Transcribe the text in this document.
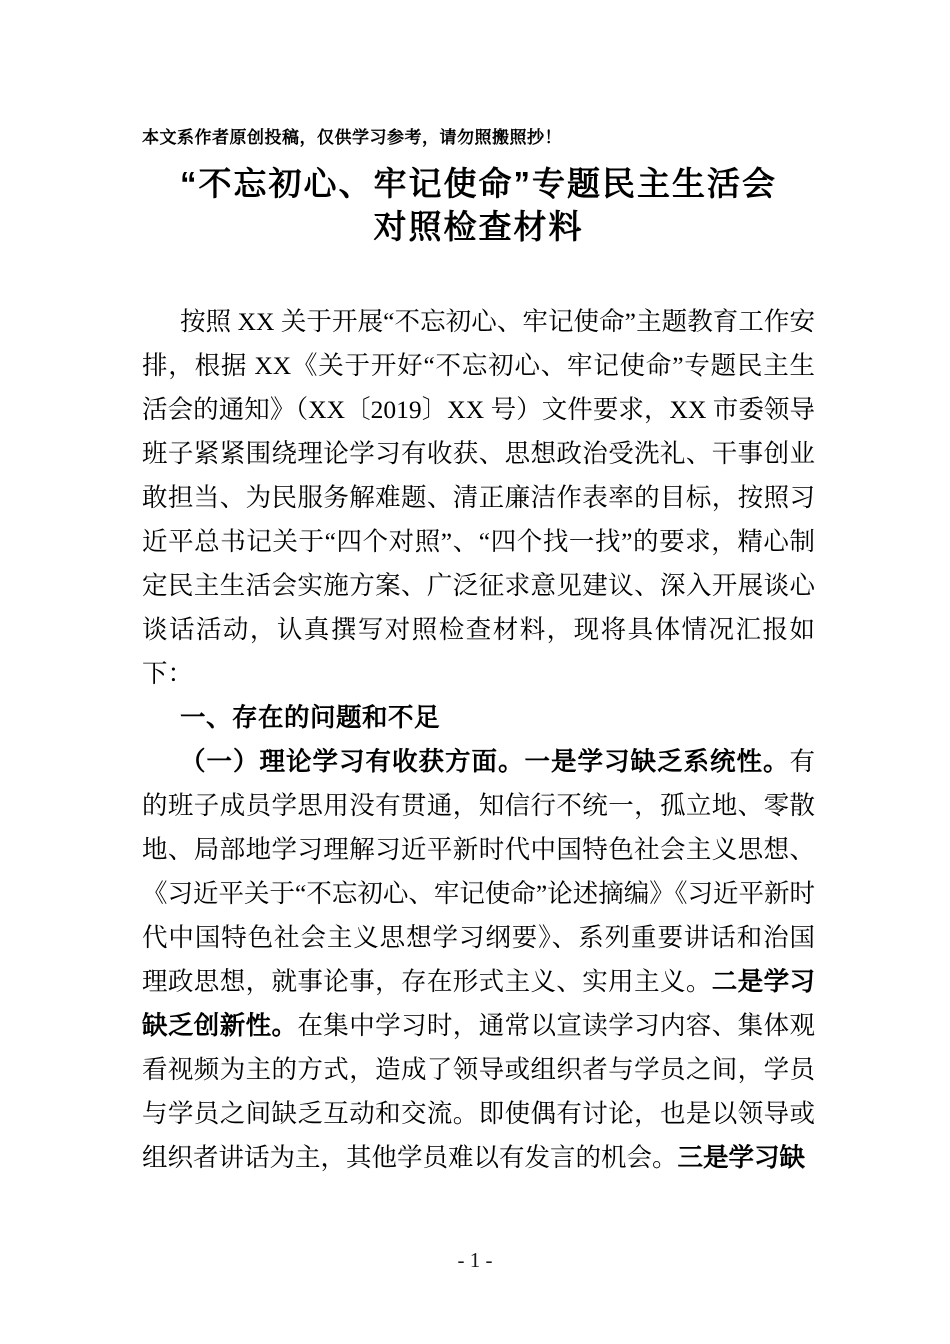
本文系作者原创投稿，仅供学习参考，请勿照搬照抄！
“不忘初心、牢记使命”专题民主生活会
对照检查材料

按照 XX 关于开展“不忘初心、牢记使命”主题教育工作安排，根据 XX《关于开好“不忘初心、牢记使命”专题民主生活会的通知》（XX〔2019〕XX 号）文件要求，XX 市委领导班子紧紧围绕理论学习有收获、思想政治受洗礼、干事创业敢担当、为民服务解难题、清正廉洁作表率的目标，按照习近平总书记关于“四个对照”、“四个找一找”的要求，精心制定民主生活会实施方案、广泛征求意见建议、深入开展谈心谈话活动，认真撰写对照检查材料，现将具体情况汇报如下：

一、存在的问题和不足

（一）理论学习有收获方面。一是学习缺乏系统性。有的班子成员学思用没有贯通，知信行不统一，孤立地、零散地、局部地学习理解习近平新时代中国特色社会主义思想、《习近平关于“不忘初心、牢记使命”论述摘编》《习近平新时代中国特色社会主义思想学习纲要》、系列重要讲话和治国理政思想，就事论事，存在形式主义、实用主义。二是学习缺乏创新性。在集中学习时，通常以宣读学习内容、集体观看视频为主的方式，造成了领导或组织者与学员之间，学员与学员之间缺乏互动和交流。即使偶有讨论，也是以领导或组织者讲话为主，其他学员难以有发言的机会。三是学习缺

- 1 -
